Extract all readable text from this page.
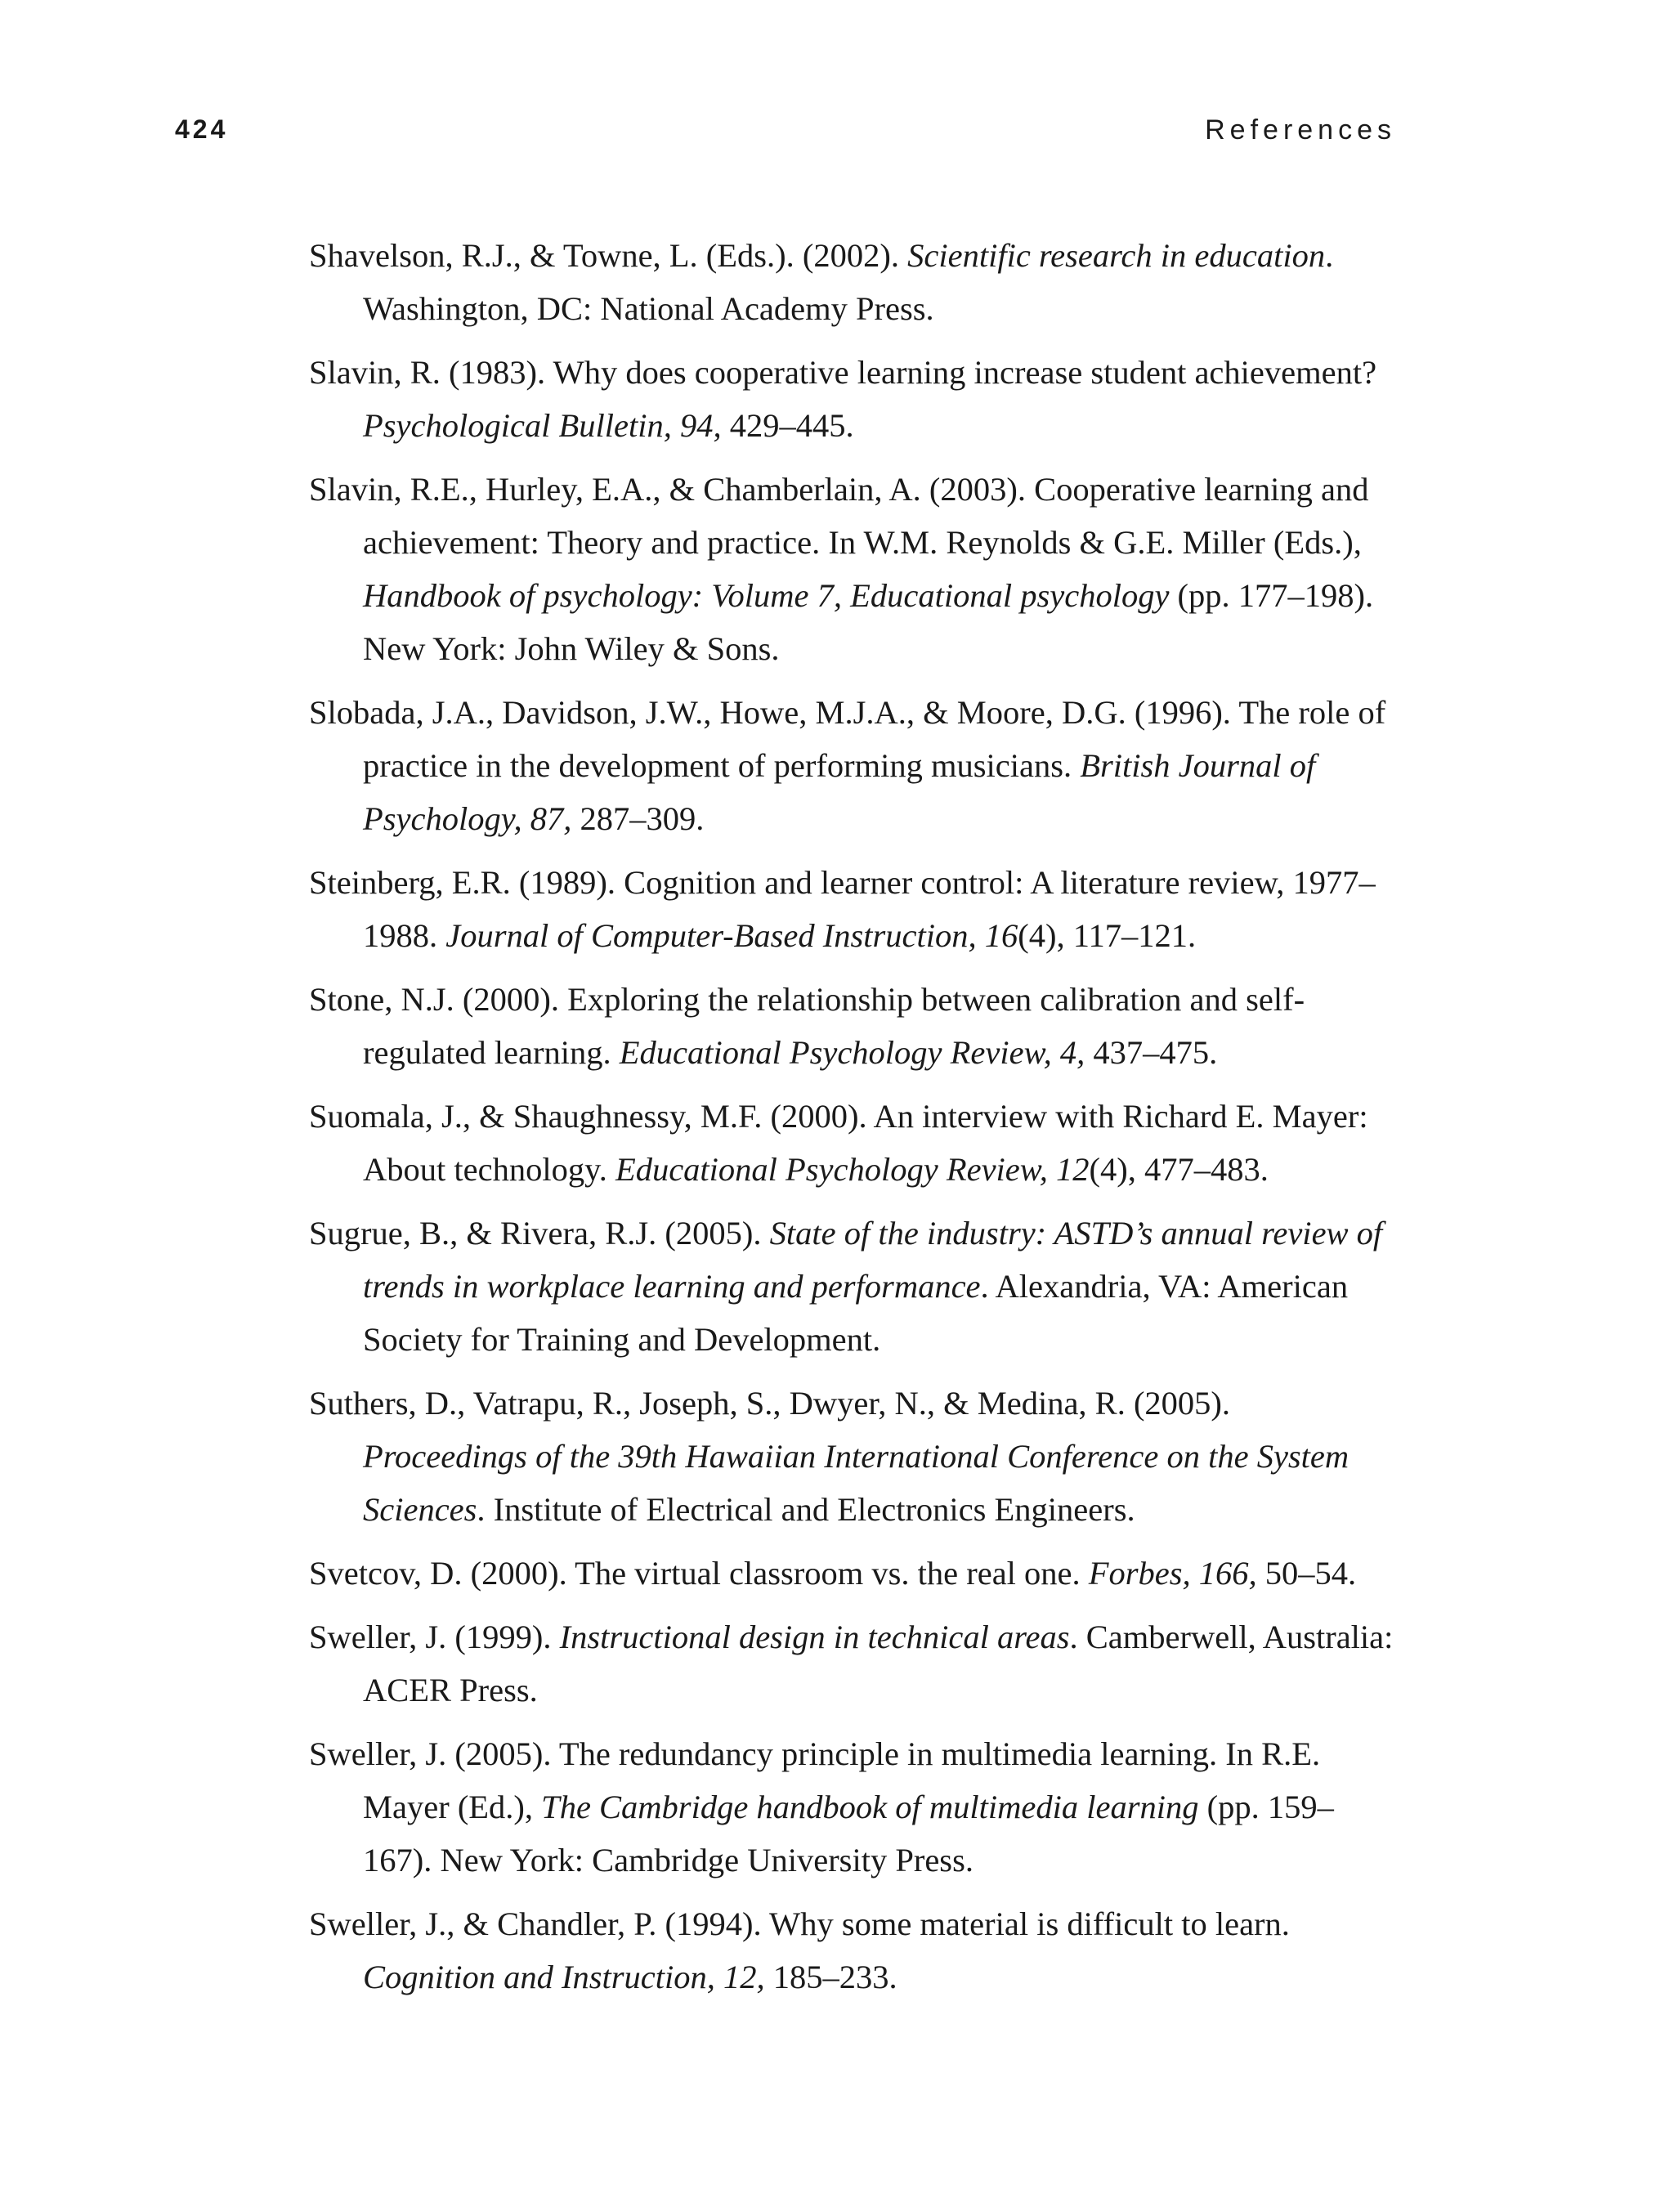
424	References
Shavelson, R.J., & Towne, L. (Eds.). (2002). Scientific research in education. Washington, DC: National Academy Press.
Slavin, R. (1983). Why does cooperative learning increase student achievement? Psychological Bulletin, 94, 429–445.
Slavin, R.E., Hurley, E.A., & Chamberlain, A. (2003). Cooperative learning and achievement: Theory and practice. In W.M. Reynolds & G.E. Miller (Eds.), Handbook of psychology: Volume 7, Educational psychology (pp. 177–198). New York: John Wiley & Sons.
Slobada, J.A., Davidson, J.W., Howe, M.J.A., & Moore, D.G. (1996). The role of practice in the development of performing musicians. British Journal of Psychology, 87, 287–309.
Steinberg, E.R. (1989). Cognition and learner control: A literature review, 1977–1988. Journal of Computer-Based Instruction, 16(4), 117–121.
Stone, N.J. (2000). Exploring the relationship between calibration and self-regulated learning. Educational Psychology Review, 4, 437–475.
Suomala, J., & Shaughnessy, M.F. (2000). An interview with Richard E. Mayer: About technology. Educational Psychology Review, 12(4), 477–483.
Sugrue, B., & Rivera, R.J. (2005). State of the industry: ASTD’s annual review of trends in workplace learning and performance. Alexandria, VA: American Society for Training and Development.
Suthers, D., Vatrapu, R., Joseph, S., Dwyer, N., & Medina, R. (2005). Proceedings of the 39th Hawaiian International Conference on the System Sciences. Institute of Electrical and Electronics Engineers.
Svetcov, D. (2000). The virtual classroom vs. the real one. Forbes, 166, 50–54.
Sweller, J. (1999). Instructional design in technical areas. Camberwell, Australia: ACER Press.
Sweller, J. (2005). The redundancy principle in multimedia learning. In R.E. Mayer (Ed.), The Cambridge handbook of multimedia learning (pp. 159–167). New York: Cambridge University Press.
Sweller, J., & Chandler, P. (1994). Why some material is difficult to learn. Cognition and Instruction, 12, 185–233.
